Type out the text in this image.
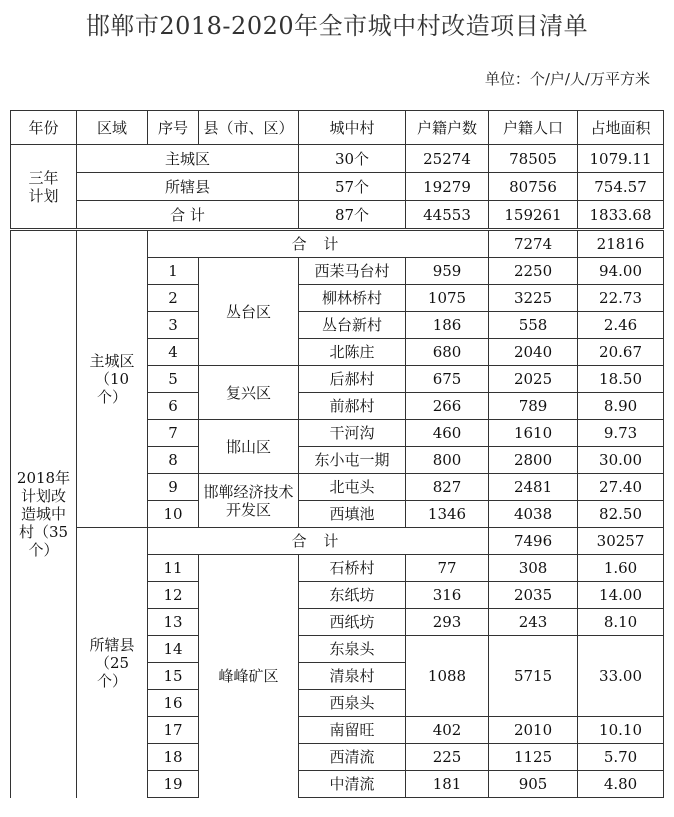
邯郸市2018-2020年全市城中村改造项目清单
单位：个/户/人/万平方米
年份	区域	序号	县（市、区）	城中村	户籍户数	户籍人口	占地面积
三年计划	主城区			30个	25274	78505	1079.11
	所辖县			57个	19279	80756	754.57
	合 计			87个	44553	159261	1833.68
2018年计划改造城中村（35个）	主城区（10个）	合 计				7274	21816	
		1	丛台区	西苿马台村	959	2250	94.00	
		2		柳林桥村	1075	3225	22.73	
		3		丛台新村	186	558	2.46	
		4		北陈庄	680	2040	20.67	
		5	复兴区	后郝村	675	2025	18.50	
		6		前郝村	266	789	8.90	
		7	邯山区	干河沟	460	1610	9.73	
		8		东小屯一期	800	2800	30.00	
		9	邯郸经济技术开发区	北屯头	827	2481	27.40	
		10		西填池	1346	4038	82.50	
	所辖县（25个）	合 计				7496	30257	
		11	峰峰矿区	石桥村	77	308	1.60	
		12		东纸坊	316	2035	14.00	
		13		西纸坊	293	243	8.10	
		14		东泉头	1088	5715	33.00	
		15		清泉村				
		16		西泉头				
		17		南留旺	402	2010	10.10	
		18		西清流	225	1125	5.70	
		19		中清流	181	905	4.80	
